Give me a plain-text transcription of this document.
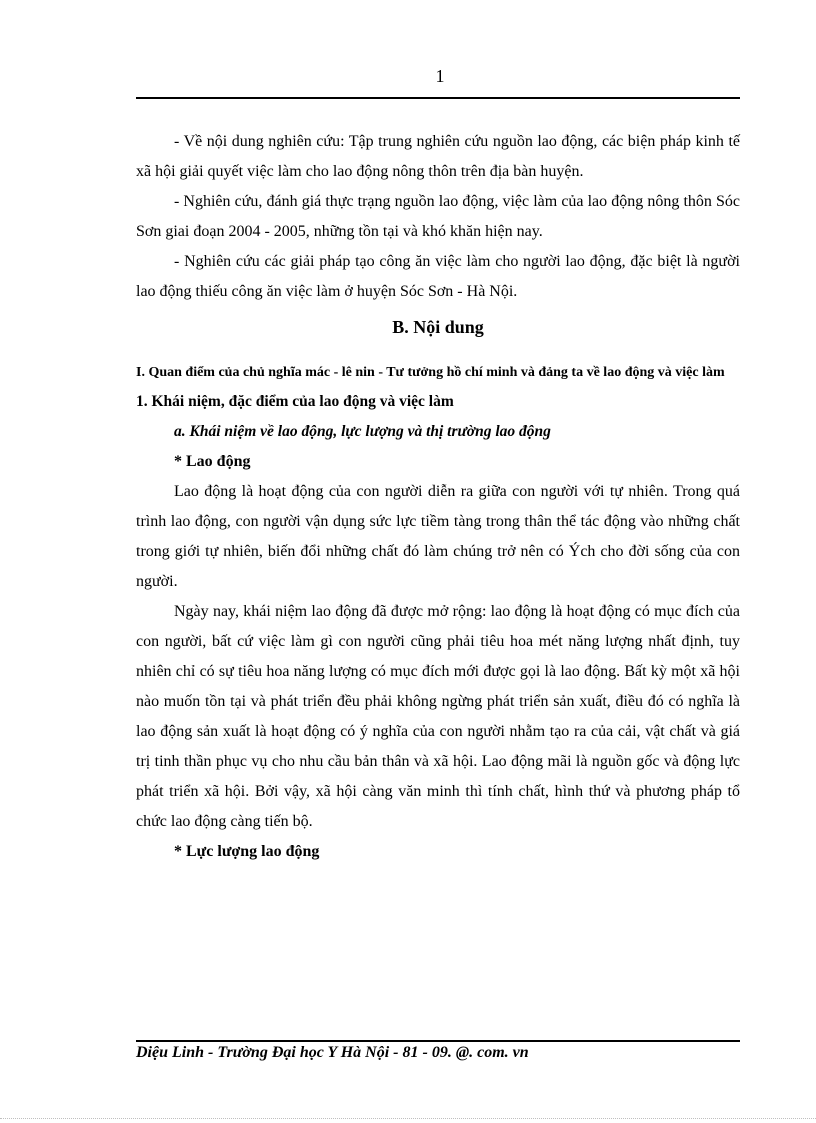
1

- Về nội dung nghiên cứu: Tập trung nghiên cứu nguồn lao động, các biện pháp kinh tế xã hội giải quyết việc làm cho lao động nông thôn trên địa bàn huyện.

- Nghiên cứu, đánh giá thực trạng nguồn lao động, việc làm của lao động nông thôn Sóc Sơn giai đoạn 2004 - 2005, những tồn tại và khó khăn hiện nay.

- Nghiên cứu các giải pháp tạo công ăn việc làm cho người lao động, đặc biệt là người lao động thiếu công ăn việc làm ở huyện Sóc Sơn - Hà Nội.

B. Nội dung

I. Quan điểm của chủ nghĩa mác - lê nin - Tư tưởng hồ chí minh và đảng ta về lao động và việc làm

1. Khái niệm, đặc điểm của lao động và việc làm

a. Khái niệm về lao động, lực lượng và thị trường lao động

* Lao động

Lao động là hoạt động của con người diễn ra giữa con người với tự nhiên. Trong quá trình lao động, con người vận dụng sức lực tiềm tàng trong thân thể tác động vào những chất trong giới tự nhiên, biến đổi những chất đó làm chúng trở nên có Ých cho đời sống của con người.

Ngày nay, khái niệm lao động đã được mở rộng: lao động là hoạt động có mục đích của con người, bất cứ việc làm gì con người cũng phải tiêu hoa mét năng lượng nhất định, tuy nhiên chỉ có sự tiêu hoa năng lượng có mục đích mới được gọi là lao động. Bất kỳ một xã hội nào muốn tồn tại và phát triển đều phải không ngừng phát triển sản xuất, điều đó có nghĩa là lao động sản xuất là hoạt động có ý nghĩa của con người nhằm tạo ra của cải, vật chất và giá trị tinh thần phục vụ cho nhu cầu bản thân và xã hội. Lao động mãi là nguồn gốc và động lực phát triển xã hội. Bởi vậy, xã hội càng văn minh thì tính chất, hình thứ và phương pháp tổ chức lao động càng tiến bộ.

* Lực lượng lao động

Diệu Linh - Trường Đại học Y Hà Nội - 81 - 09. @. com. vn
